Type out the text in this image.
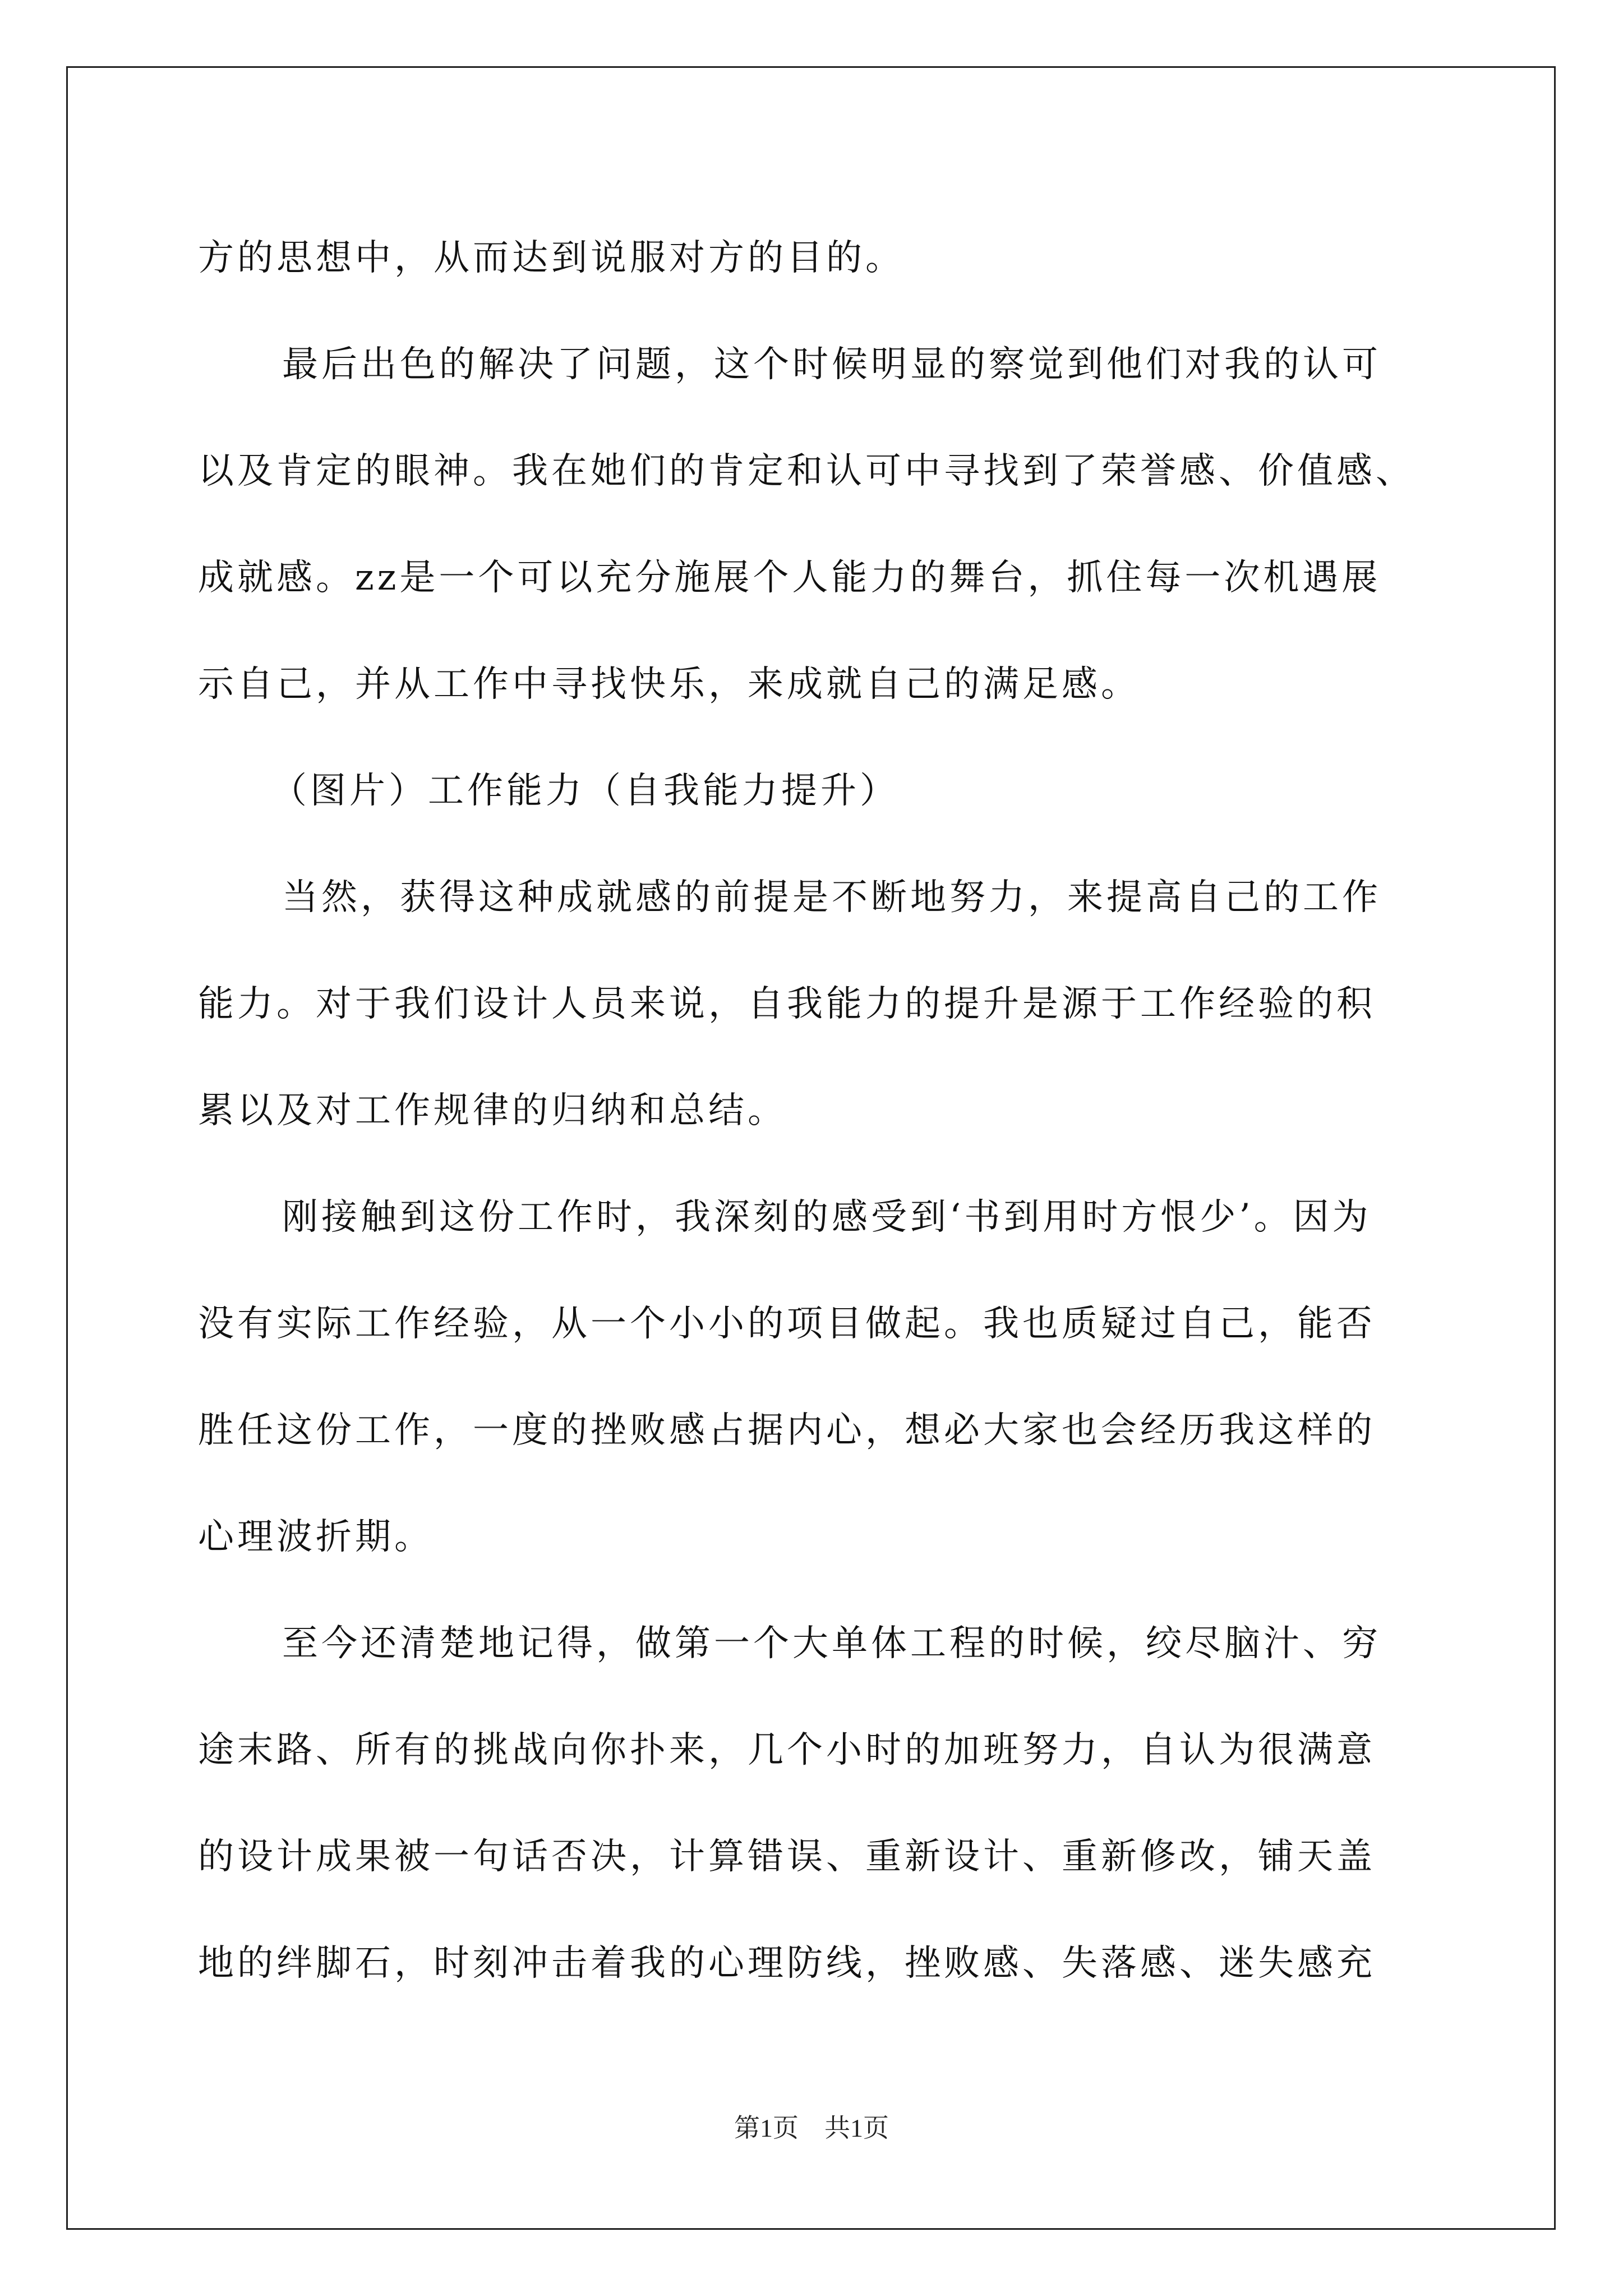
方的思想中，从而达到说服对方的目的。
最后出色的解决了问题，这个时候明显的察觉到他们对我的认可
以及肯定的眼神。我在她们的肯定和认可中寻找到了荣誉感、价值感、
成就感。zz是一个可以充分施展个人能力的舞台，抓住每一次机遇展
示自己，并从工作中寻找快乐，来成就自己的满足感。
（图片）工作能力（自我能力提升）
当然，获得这种成就感的前提是不断地努力，来提高自己的工作
能力。对于我们设计人员来说，自我能力的提升是源于工作经验的积
累以及对工作规律的归纳和总结。
刚接触到这份工作时，我深刻的感受到‘书到用时方恨少’。因为
没有实际工作经验，从一个小小的项目做起。我也质疑过自己，能否
胜任这份工作，一度的挫败感占据内心，想必大家也会经历我这样的
心理波折期。
至今还清楚地记得，做第一个大单体工程的时候，绞尽脑汁、穷
途末路、所有的挑战向你扑来，几个小时的加班努力，自认为很满意
的设计成果被一句话否决，计算错误、重新设计、重新修改，铺天盖
地的绊脚石，时刻冲击着我的心理防线，挫败感、失落感、迷失感充
第1页 共1页
